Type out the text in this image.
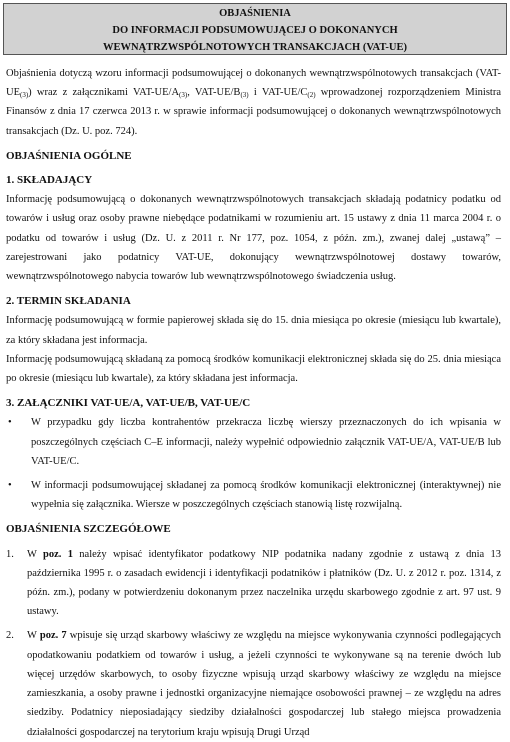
OBJAŚNIENIA
DO INFORMACJI PODSUMOWUJĄCEJ O DOKONANYCH
WEWNĄTRZWSPÓLNOTOWYCH TRANSAKCJACH (VAT-UE)

Objaśnienia dotyczą wzoru informacji podsumowującej o dokonanych wewnątrzwspólnotowych transakcjach $(VAT-UE_{(3)})$ wraz z załącznikami VAT-$UE/A_{(3)}$, VAT-$UE/B_{(3)}$ i VAT-$UE/C_{(2)}$ wprowadzonej rozporządzeniem Ministra Finansów z dnia 17 czerwca 2013 r. w sprawie informacji podsumowującej o dokonanych wewnątrzwspólnotowych transakcjach (Dz. U. poz. 724).

OBJAŚNIENIA OGÓLNE

1. SKŁADAJĄCY

Informację podsumowującą o dokonanych wewnątrzwspólnotowych transakcjach składają podatnicy podatku od towarów i usług oraz osoby prawne niebędące podatnikami w rozumieniu art. 15 ustawy z dnia 11 marca 2004 r. o podatku od towarów i usług (Dz. U. z 2011 r. Nr 177, poz. 1054, z późn. zm.), zwanej dalej „ustawą” – zarejestrowani jako podatnicy VAT-UE, dokonujący wewnątrzwspólnotowej dostawy towarów, wewnątrzwspólnotowego nabycia towarów lub wewnątrzwspólnotowego świadczenia usług.

2. TERMIN SKŁADANIA

Informację podsumowującą w formie papierowej składa się do 15. dnia miesiąca po okresie (miesiącu lub kwartale), za który składana jest informacja.

Informację podsumowującą składaną za pomocą środków komunikacji elektronicznej składa się do 25. dnia miesiąca po okresie (miesiącu lub kwartale), za który składana jest informacja.

3. ZAŁĄCZNIKI VAT-UE/A, VAT-UE/B, VAT-UE/C

• W przypadku gdy liczba kontrahentów przekracza liczbę wierszy przeznaczonych do ich wpisania w poszczególnych częściach C–E informacji, należy wypełnić odpowiednio załącznik VAT-UE/A, VAT-UE/B lub VAT-UE/C.

• W informacji podsumowującej składanej za pomocą środków komunikacji elektronicznej (interaktywnej) nie wypełnia się załącznika. Wiersze w poszczególnych częściach stanowią listę rozwijalną.

OBJAŚNIENIA SZCZEGÓŁOWE

1. W poz. 1 należy wpisać identyfikator podatkowy NIP podatnika nadany zgodnie z ustawą z dnia 13 października 1995 r. o zasadach ewidencji i identyfikacji podatników i płatników (Dz. U. z 2012 r. poz. 1314, z późn. zm.), podany w potwierdzeniu dokonanym przez naczelnika urzędu skarbowego zgodnie z art. 97 ust. 9 ustawy.

2. W poz. 7 wpisuje się urząd skarbowy właściwy ze względu na miejsce wykonywania czynności podlegających opodatkowaniu podatkiem od towarów i usług, a jeżeli czynności te wykonywane są na terenie dwóch lub więcej urzędów skarbowych, to osoby fizyczne wpisują urząd skarbowy właściwy ze względu na miejsce zamieszkania, a osoby prawne i jednostki organizacyjne niemające osobowości prawnej – ze względu na adres siedziby. Podatnicy nieposiadający siedziby działalności gospodarczej lub stałego miejsca prowadzenia działalności gospodarczej na terytorium kraju wpisują Drugi Urząd
